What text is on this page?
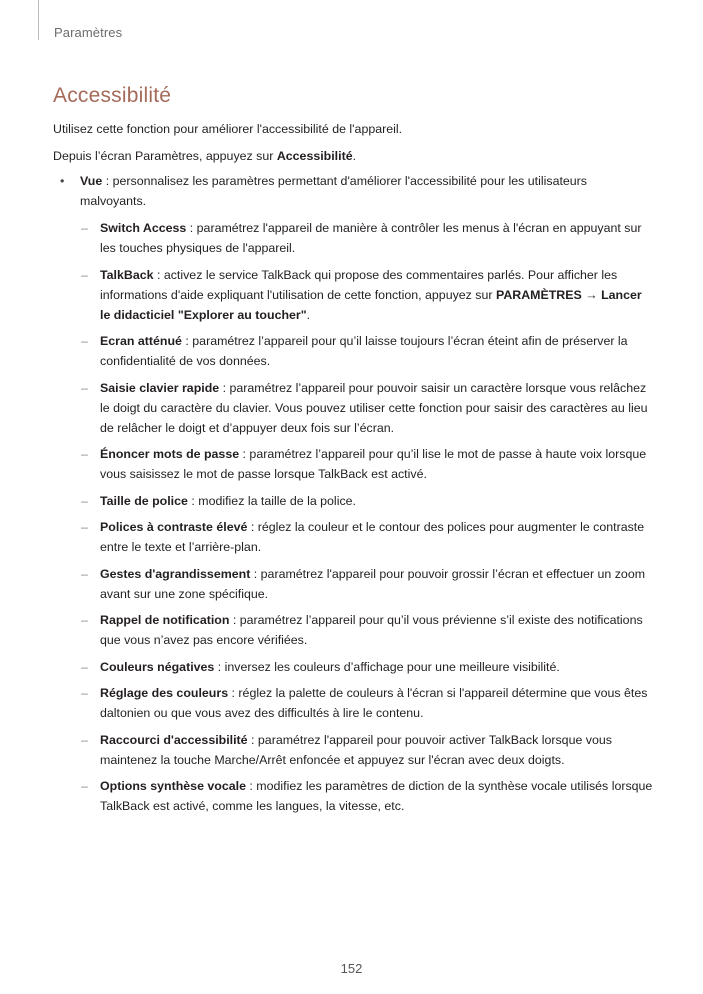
Paramètres
Accessibilité

Utilisez cette fonction pour améliorer l'accessibilité de l'appareil.

Depuis l’écran Paramètres, appuyez sur Accessibilité.

• Vue : personnalisez les paramètres permettant d'améliorer l'accessibilité pour les utilisateurs malvoyants.
– Switch Access : paramétrez l'appareil de manière à contrôler les menus à l'écran en appuyant sur les touches physiques de l'appareil.
– TalkBack : activez le service TalkBack qui propose des commentaires parlés. Pour afficher les informations d'aide expliquant l'utilisation de cette fonction, appuyez sur PARAMÈTRES → Lancer le didacticiel "Explorer au toucher".
– Ecran atténué : paramétrez l’appareil pour qu’il laisse toujours l’écran éteint afin de préserver la confidentialité de vos données.
– Saisie clavier rapide : paramétrez l’appareil pour pouvoir saisir un caractère lorsque vous relâchez le doigt du caractère du clavier. Vous pouvez utiliser cette fonction pour saisir des caractères au lieu de relâcher le doigt et d’appuyer deux fois sur l’écran.
– Énoncer mots de passe : paramétrez l’appareil pour qu’il lise le mot de passe à haute voix lorsque vous saisissez le mot de passe lorsque TalkBack est activé.
– Taille de police : modifiez la taille de la police.
– Polices à contraste élevé : réglez la couleur et le contour des polices pour augmenter le contraste entre le texte et l’arrière-plan.
– Gestes d'agrandissement : paramétrez l'appareil pour pouvoir grossir l’écran et effectuer un zoom avant sur une zone spécifique.
– Rappel de notification : paramétrez l’appareil pour qu’il vous prévienne s’il existe des notifications que vous n’avez pas encore vérifiées.
– Couleurs négatives : inversez les couleurs d’affichage pour une meilleure visibilité.
– Réglage des couleurs : réglez la palette de couleurs à l'écran si l'appareil détermine que vous êtes daltonien ou que vous avez des difficultés à lire le contenu.
– Raccourci d'accessibilité : paramétrez l'appareil pour pouvoir activer TalkBack lorsque vous maintenez la touche Marche/Arrêt enfoncée et appuyez sur l'écran avec deux doigts.
– Options synthèse vocale : modifiez les paramètres de diction de la synthèse vocale utilisés lorsque TalkBack est activé, comme les langues, la vitesse, etc.
152
